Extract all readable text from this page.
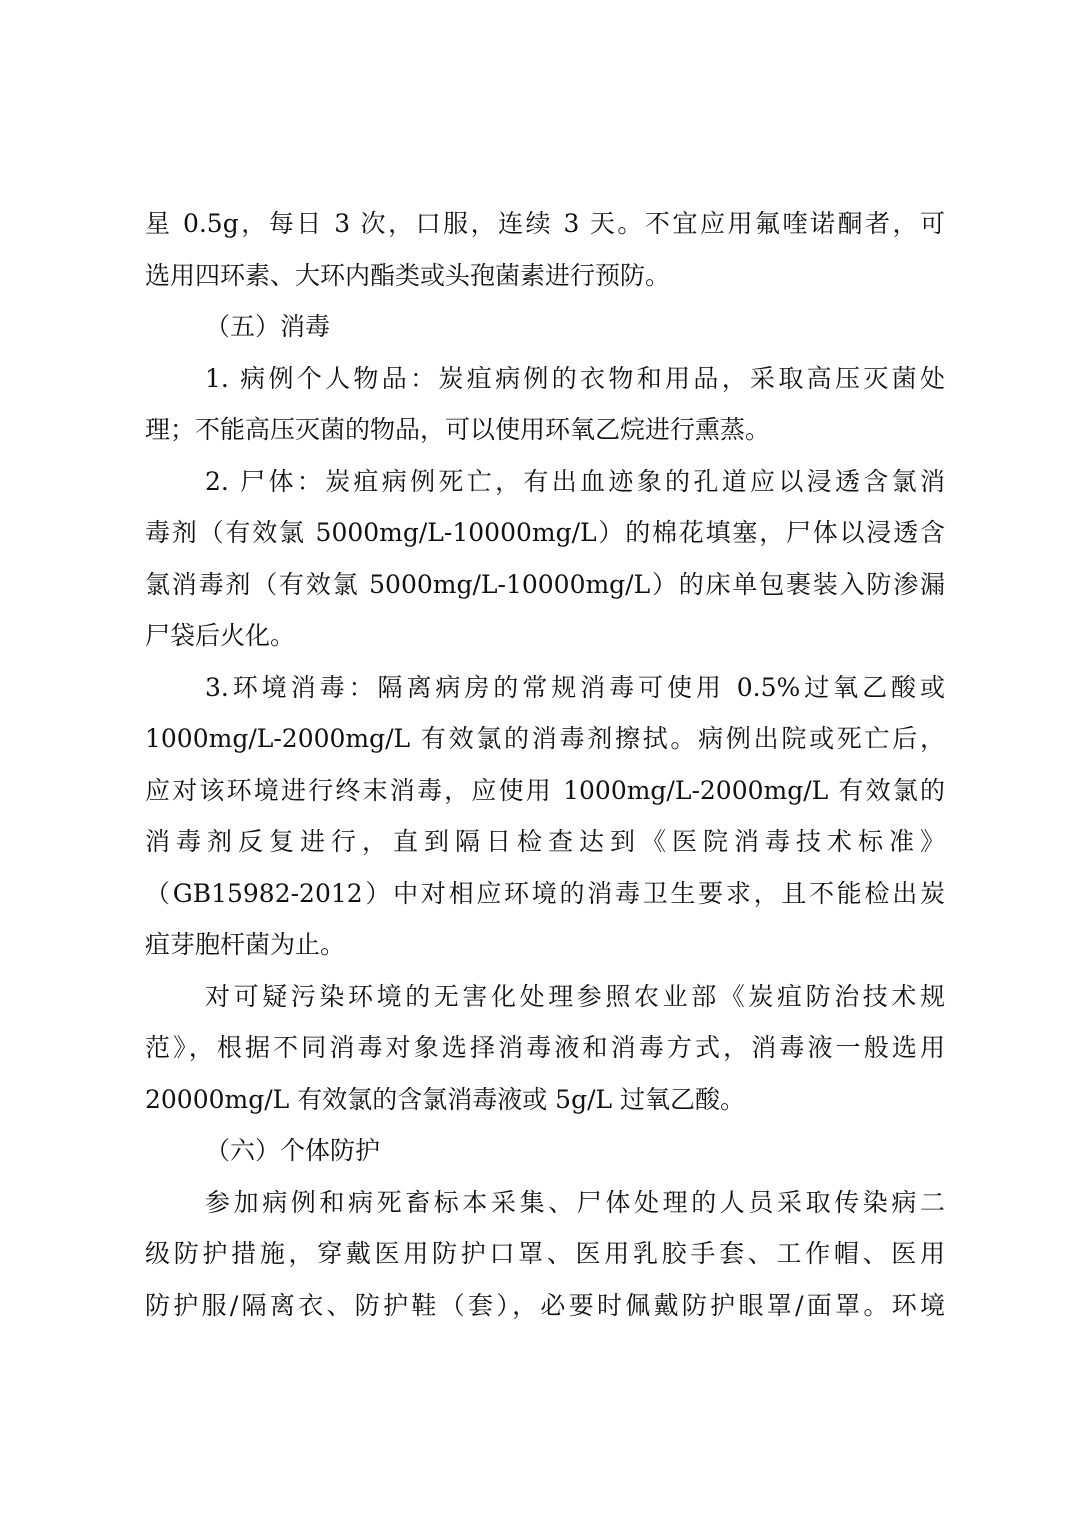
星 0.5g，每日 3 次，口服，连续 3 天。不宜应用氟喹诺酮者，可
选用四环素、大环内酯类或头孢菌素进行预防。
（五）消毒
1. 病例个人物品：炭疽病例的衣物和用品，采取高压灭菌处
理；不能高压灭菌的物品，可以使用环氧乙烷进行熏蒸。
2. 尸体：炭疽病例死亡，有出血迹象的孔道应以浸透含氯消
毒剂（有效氯 5000mg/L-10000mg/L）的棉花填塞，尸体以浸透含
氯消毒剂（有效氯 5000mg/L-10000mg/L）的床单包裹装入防渗漏
尸袋后火化。
3.环境消毒：隔离病房的常规消毒可使用 0.5%过氧乙酸或
1000mg/L-2000mg/L 有效氯的消毒剂擦拭。病例出院或死亡后，
应对该环境进行终末消毒，应使用 1000mg/L-2000mg/L 有效氯的
消毒剂反复进行，直到隔日检查达到《医院消毒技术标准》
（GB15982-2012）中对相应环境的消毒卫生要求，且不能检出炭
疽芽胞杆菌为止。
对可疑污染环境的无害化处理参照农业部《炭疽防治技术规
范》，根据不同消毒对象选择消毒液和消毒方式，消毒液一般选用
20000mg/L 有效氯的含氯消毒液或 5g/L 过氧乙酸。
（六）个体防护
参加病例和病死畜标本采集、尸体处理的人员采取传染病二
级防护措施，穿戴医用防护口罩、医用乳胶手套、工作帽、医用
防护服/隔离衣、防护鞋（套），必要时佩戴防护眼罩/面罩。环境
